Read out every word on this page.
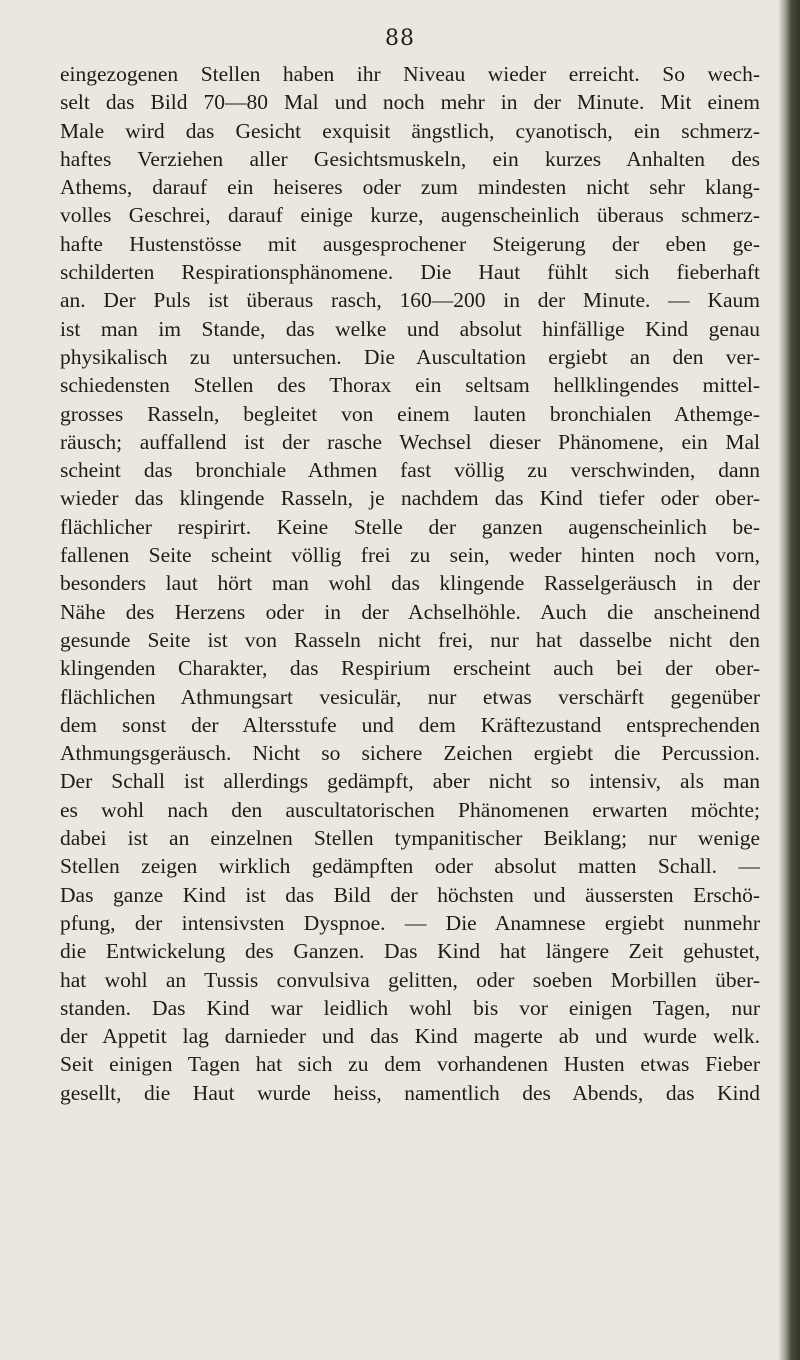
88
eingezogenen Stellen haben ihr Niveau wieder erreicht. So wech-
selt das Bild 70—80 Mal und noch mehr in der Minute. Mit einem
Male wird das Gesicht exquisit ängstlich, cyanotisch, ein schmerz-
haftes Verziehen aller Gesichtsmuskeln, ein kurzes Anhalten des
Athems, darauf ein heiseres oder zum mindesten nicht sehr klang-
volles Geschrei, darauf einige kurze, augenscheinlich überaus schmerz-
hafte Hustenstösse mit ausgesprochener Steigerung der eben ge-
schilderten Respirationsphänomene. Die Haut fühlt sich fieberhaft
an. Der Puls ist überaus rasch, 160—200 in der Minute. — Kaum
ist man im Stande, das welke und absolut hinfällige Kind genau
physikalisch zu untersuchen. Die Auscultation ergiebt an den ver-
schiedensten Stellen des Thorax ein seltsam hellklingendes mittel-
grosses Rasseln, begleitet von einem lauten bronchialen Athemge-
räusch; auffallend ist der rasche Wechsel dieser Phänomene, ein Mal
scheint das bronchiale Athmen fast völlig zu verschwinden, dann
wieder das klingende Rasseln, je nachdem das Kind tiefer oder ober-
flächlicher respirirt. Keine Stelle der ganzen augenscheinlich be-
fallenen Seite scheint völlig frei zu sein, weder hinten noch vorn,
besonders laut hört man wohl das klingende Rasselgeräusch in der
Nähe des Herzens oder in der Achselhöhle. Auch die anscheinend
gesunde Seite ist von Rasseln nicht frei, nur hat dasselbe nicht den
klingenden Charakter, das Respirium erscheint auch bei der ober-
flächlichen Athmungsart vesiculär, nur etwas verschärft gegenüber
dem sonst der Altersstufe und dem Kräftezustand entsprechenden
Athmungsgeräusch. Nicht so sichere Zeichen ergiebt die Percussion.
Der Schall ist allerdings gedämpft, aber nicht so intensiv, als man
es wohl nach den auscultatorischen Phänomenen erwarten möchte;
dabei ist an einzelnen Stellen tympanitischer Beiklang; nur wenige
Stellen zeigen wirklich gedämpften oder absolut matten Schall. —
Das ganze Kind ist das Bild der höchsten und äussersten Erschö-
pfung, der intensivsten Dyspnoe. — Die Anamnese ergiebt nunmehr
die Entwickelung des Ganzen. Das Kind hat längere Zeit gehustet,
hat wohl an Tussis convulsiva gelitten, oder soeben Morbillen über-
standen. Das Kind war leidlich wohl bis vor einigen Tagen, nur
der Appetit lag darnieder und das Kind magerte ab und wurde welk.
Seit einigen Tagen hat sich zu dem vorhandenen Husten etwas Fieber
gesellt, die Haut wurde heiss, namentlich des Abends, das Kind
